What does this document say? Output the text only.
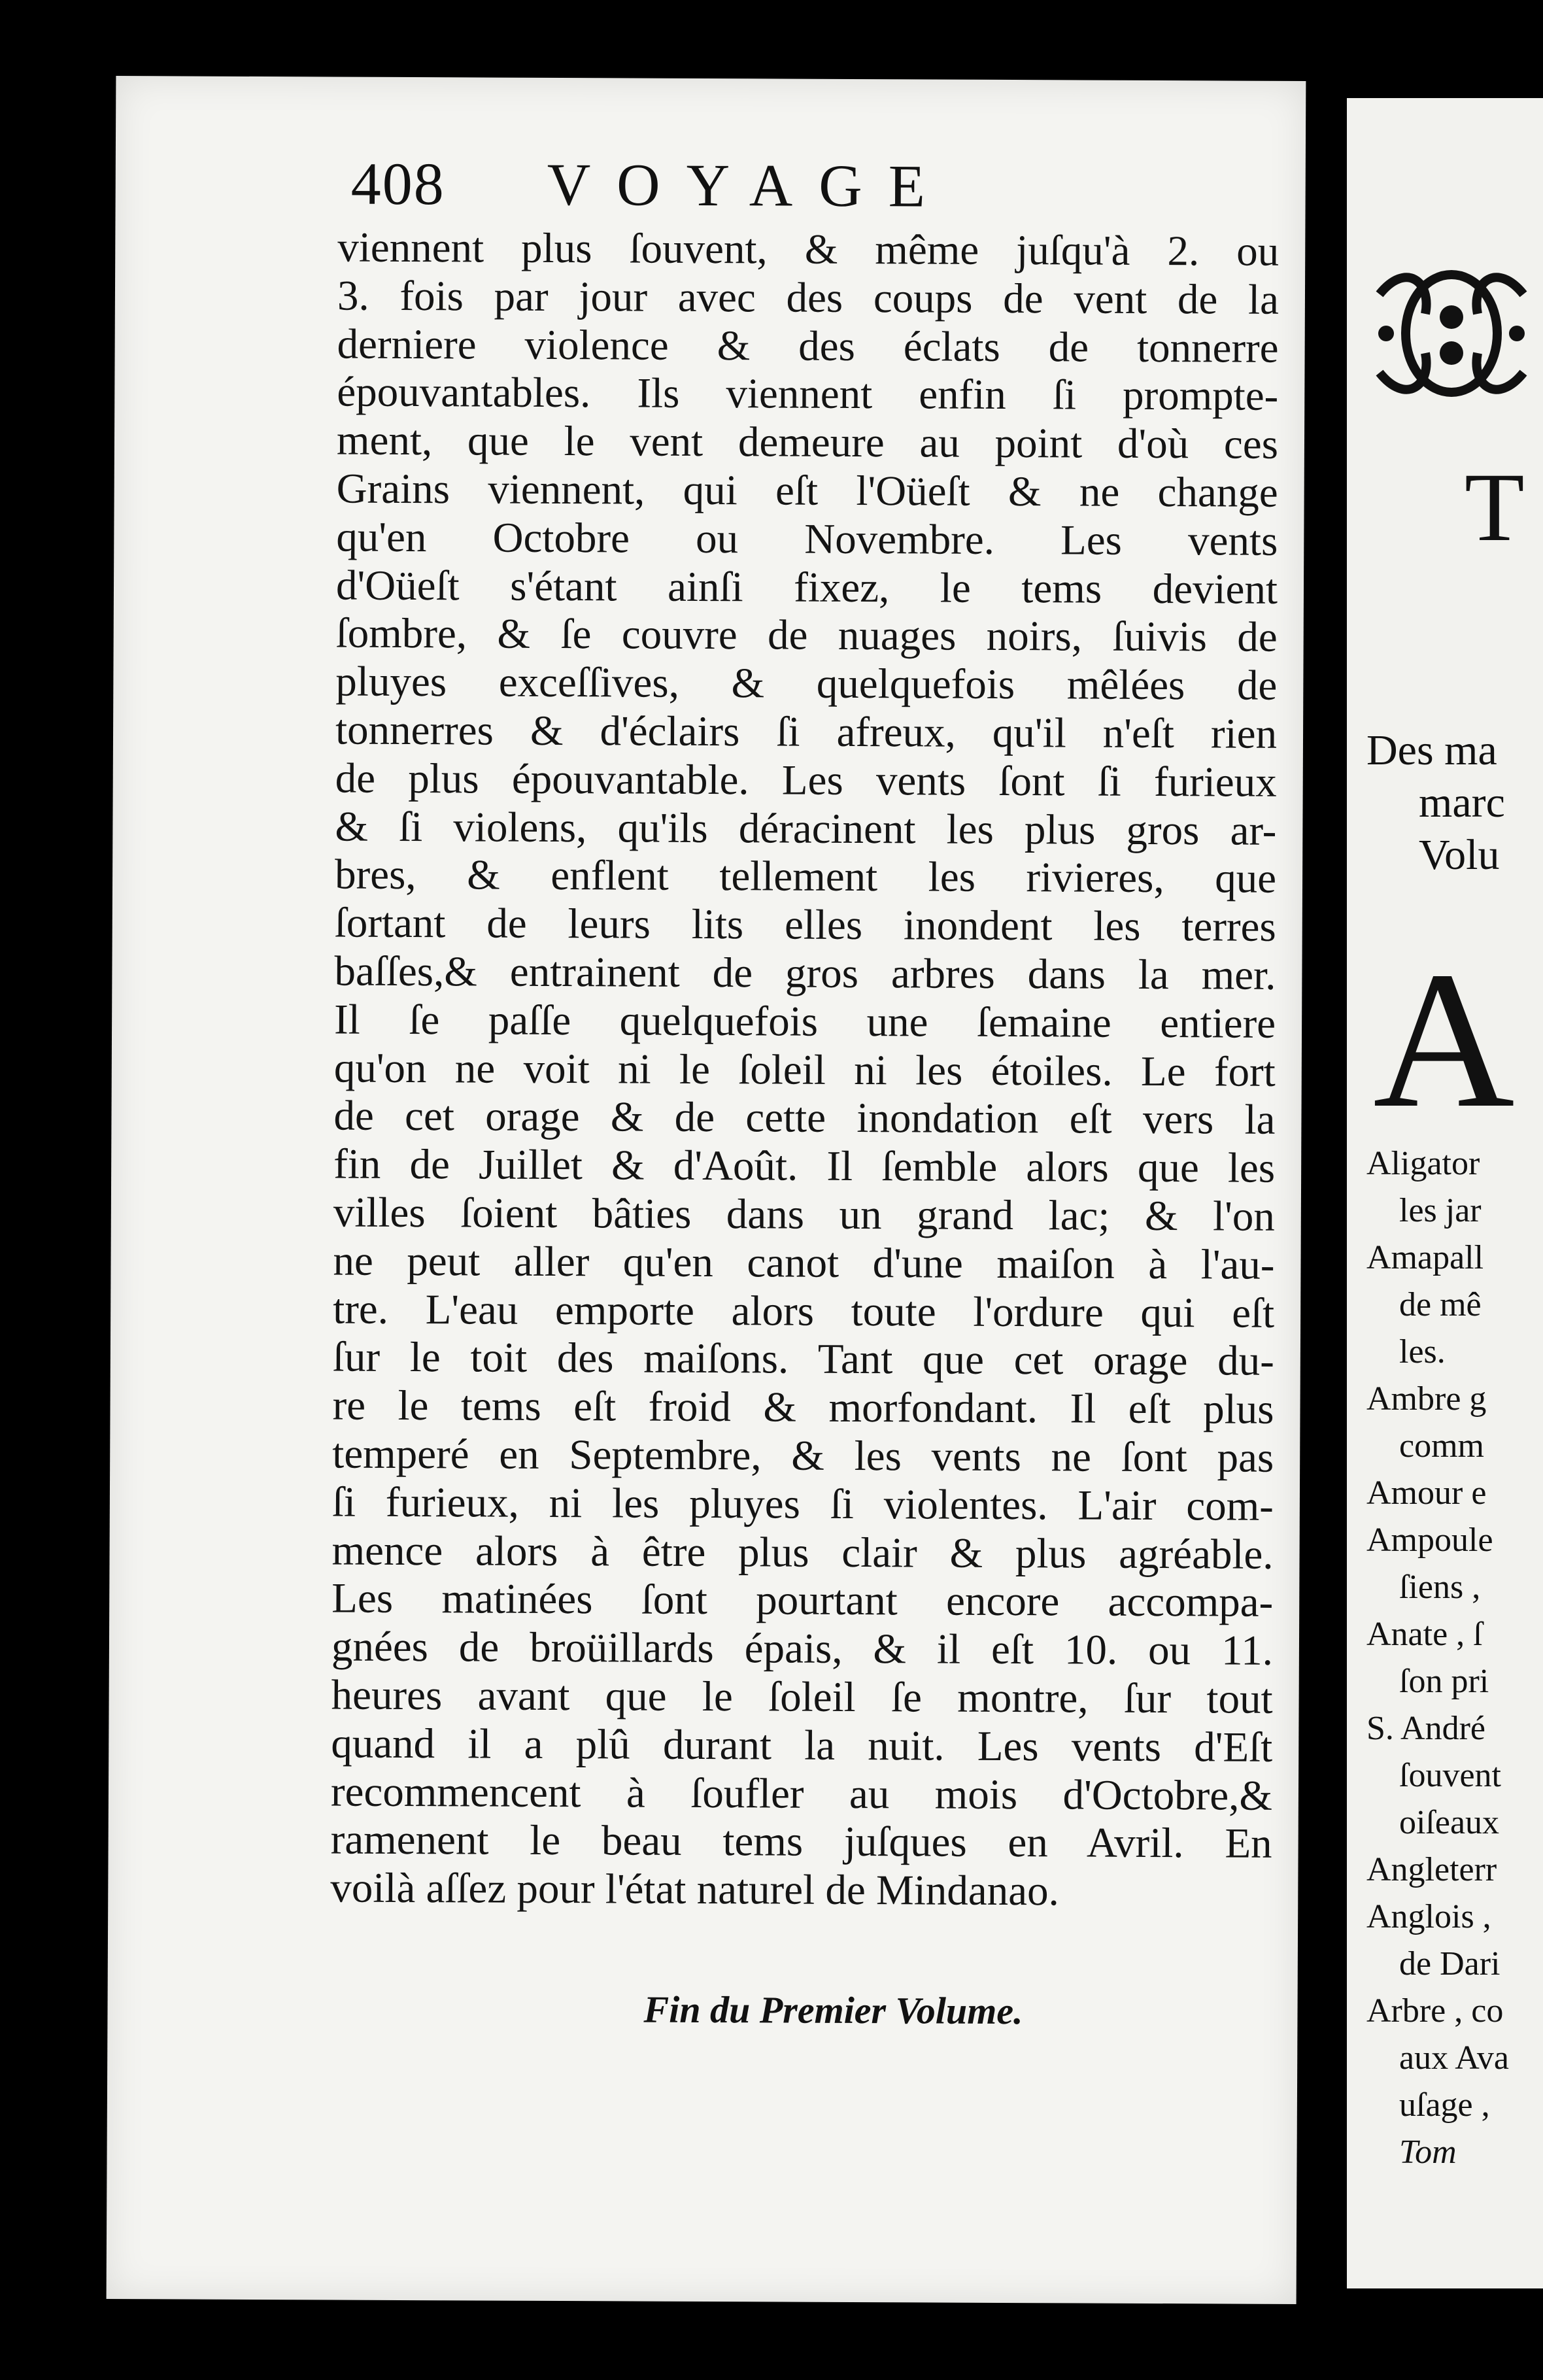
408 VOYAGE
viennent plus ſouvent, & même juſqu'à 2. ou
3. fois par jour avec des coups de vent de la
derniere violence & des éclats de tonnerre
épouvantables. Ils viennent enfin ſi prompte-
ment, que le vent demeure au point d'où ces
Grains viennent, qui eſt l'Oüeſt & ne change
qu'en Octobre ou Novembre. Les vents
d'Oüeſt s'étant ainſi fixez, le tems devient
ſombre, & ſe couvre de nuages noirs, ſuivis de
pluyes exceſſives, & quelquefois mêlées de
tonnerres & d'éclairs ſi afreux, qu'il n'eſt rien
de plus épouvantable. Les vents ſont ſi furieux
& ſi violens, qu'ils déracinent les plus gros ar-
bres, & enflent tellement les rivieres, que
ſortant de leurs lits elles inondent les terres
baſſes,& entrainent de gros arbres dans la mer.
Il ſe paſſe quelquefois une ſemaine entiere
qu'on ne voit ni le ſoleil ni les étoiles. Le fort
de cet orage & de cette inondation eſt vers la
fin de Juillet & d'Août. Il ſemble alors que les
villes ſoient bâties dans un grand lac; & l'on
ne peut aller qu'en canot d'une maiſon à l'au-
tre. L'eau emporte alors toute l'ordure qui eſt
ſur le toit des maiſons. Tant que cet orage du-
re le tems eſt froid & morfondant. Il eſt plus
temperé en Septembre, & les vents ne ſont pas
ſi furieux, ni les pluyes ſi violentes. L'air com-
mence alors à être plus clair & plus agréable.
Les matinées ſont pourtant encore accompa-
gnées de broüillards épais, & il eſt 10. ou 11.
heures avant que le ſoleil ſe montre, ſur tout
quand il a plû durant la nuit. Les vents d'Eſt
recommencent à ſoufler au mois d'Octobre,&
ramenent le beau tems juſques en Avril. En
voilà aſſez pour l'état naturel de Mindanao.
Fin du Premier Volume.
T
Des ma
marc
Volu
A
Aligator
les jar
Amapall
de mê
les.
Ambre g
comm
Amour e
Ampoule
ſiens ,
Anate , ſ
ſon pri
S. André
ſouvent
oiſeaux
Angleterr
Anglois ,
de Dari
Arbre , co
aux Ava
uſage ,
Tom
